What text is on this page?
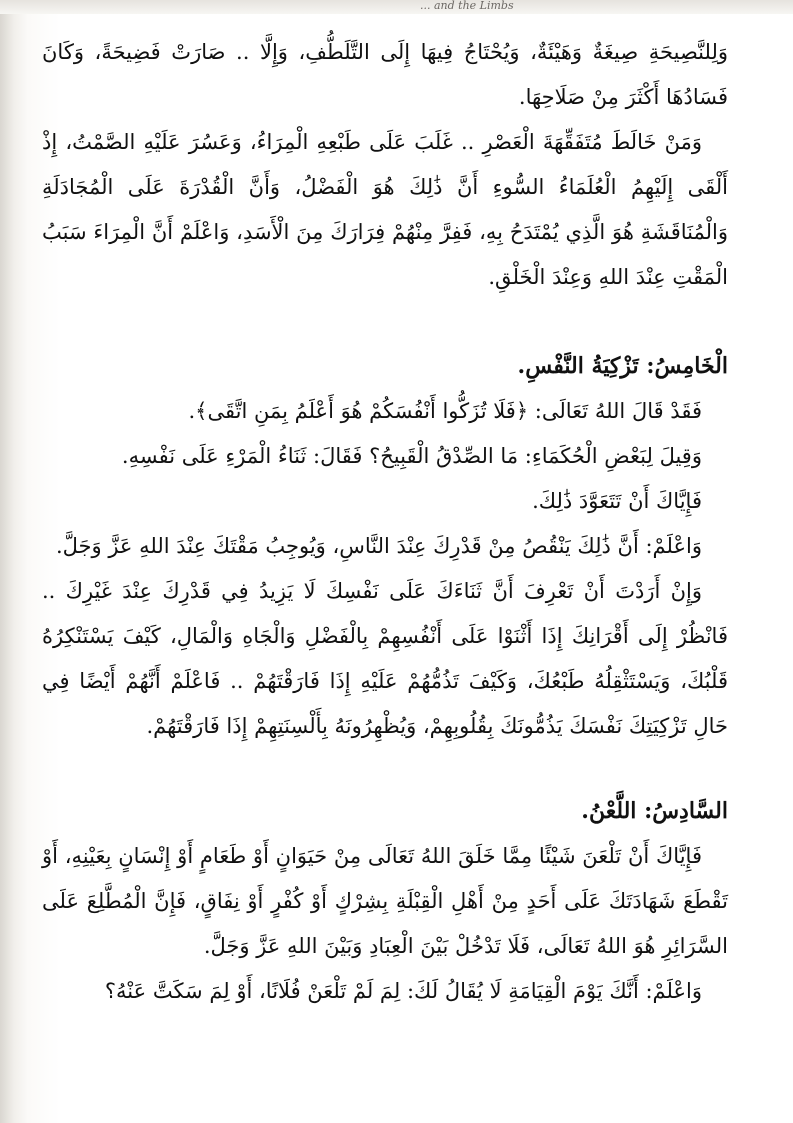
... and the Limbs

وَلِلنَّصِيحَةِ صِيغَةٌ وَهَيْئَةٌ، وَيُحْتَاجُ فِيهَا إِلَى التَّلَطُّفِ، وَإِلَّا .. صَارَتْ فَضِيحَةً، وَكَانَ فَسَادُهَا أَكْثَرَ مِنْ صَلَاحِهَا.

وَمَنْ خَالَطَ مُتَفَقِّهَةَ الْعَصْرِ .. غَلَبَ عَلَى طَبْعِهِ الْمِرَاءُ، وَعَسُرَ عَلَيْهِ الصَّمْتُ، إِذْ أَلْقَى إِلَيْهِمُ الْعُلَمَاءُ السُّوءِ أَنَّ ذَٰلِكَ هُوَ الْفَضْلُ، وَأَنَّ الْقُدْرَةَ عَلَى الْمُجَادَلَةِ وَالْمُنَاقَشَةِ هُوَ الَّذِي يُمْتَدَحُ بِهِ، فَفِرَّ مِنْهُمْ فِرَارَكَ مِنَ الْأَسَدِ، وَاعْلَمْ أَنَّ الْمِرَاءَ سَبَبُ الْمَقْتِ عِنْدَ اللهِ وَعِنْدَ الْخَلْقِ.

الْخَامِسُ: تَزْكِيَةُ النَّفْسِ.

فَقَدْ قَالَ اللهُ تَعَالَى: ﴿فَلَا تُزَكُّوا أَنْفُسَكُمْ هُوَ أَعْلَمُ بِمَنِ اتَّقَى﴾.

وَقِيلَ لِبَعْضِ الْحُكَمَاءِ: مَا الصِّدْقُ الْقَبِيحُ؟ فَقَالَ: ثَنَاءُ الْمَرْءِ عَلَى نَفْسِهِ.

فَإِيَّاكَ أَنْ تَتَعَوَّدَ ذَٰلِكَ.

وَاعْلَمْ: أَنَّ ذَٰلِكَ يَنْقُصُ مِنْ قَدْرِكَ عِنْدَ النَّاسِ، وَيُوجِبُ مَقْتَكَ عِنْدَ اللهِ عَزَّ وَجَلَّ.

وَإِنْ أَرَدْتَ أَنْ تَعْرِفَ أَنَّ ثَنَاءَكَ عَلَى نَفْسِكَ لَا يَزِيدُ فِي قَدْرِكَ عِنْدَ غَيْرِكَ .. فَانْظُرْ إِلَى أَقْرَانِكَ إِذَا أَثْنَوْا عَلَى أَنْفُسِهِمْ بِالْفَضْلِ وَالْجَاهِ وَالْمَالِ، كَيْفَ يَسْتَنْكِرُهُ قَلْبُكَ، وَيَسْتَثْقِلُهُ طَبْعُكَ، وَكَيْفَ تَذُمُّهُمْ عَلَيْهِ إِذَا فَارَقْتَهُمْ .. فَاعْلَمْ أَنَّهُمْ أَيْضًا فِي حَالِ تَزْكِيَتِكَ نَفْسَكَ يَذُمُّونَكَ بِقُلُوبِهِمْ، وَيُظْهِرُونَهُ بِأَلْسِنَتِهِمْ إِذَا فَارَقْتَهُمْ.

السَّادِسُ: اللَّعْنُ.

فَإِيَّاكَ أَنْ تَلْعَنَ شَيْئًا مِمَّا خَلَقَ اللهُ تَعَالَى مِنْ حَيَوَانٍ أَوْ طَعَامٍ أَوْ إِنْسَانٍ بِعَيْنِهِ، أَوْ تَقْطَعَ شَهَادَتَكَ عَلَى أَحَدٍ مِنْ أَهْلِ الْقِبْلَةِ بِشِرْكٍ أَوْ كُفْرٍ أَوْ نِفَاقٍ، فَإِنَّ الْمُطَّلِعَ عَلَى السَّرَائِرِ هُوَ اللهُ تَعَالَى، فَلَا تَدْخُلْ بَيْنَ الْعِبَادِ وَبَيْنَ اللهِ عَزَّ وَجَلَّ.

وَاعْلَمْ: أَنَّكَ يَوْمَ الْقِيَامَةِ لَا يُقَالُ لَكَ: لِمَ لَمْ تَلْعَنْ فُلَانًا، أَوْ لِمَ سَكَتَّ عَنْهُ؟
